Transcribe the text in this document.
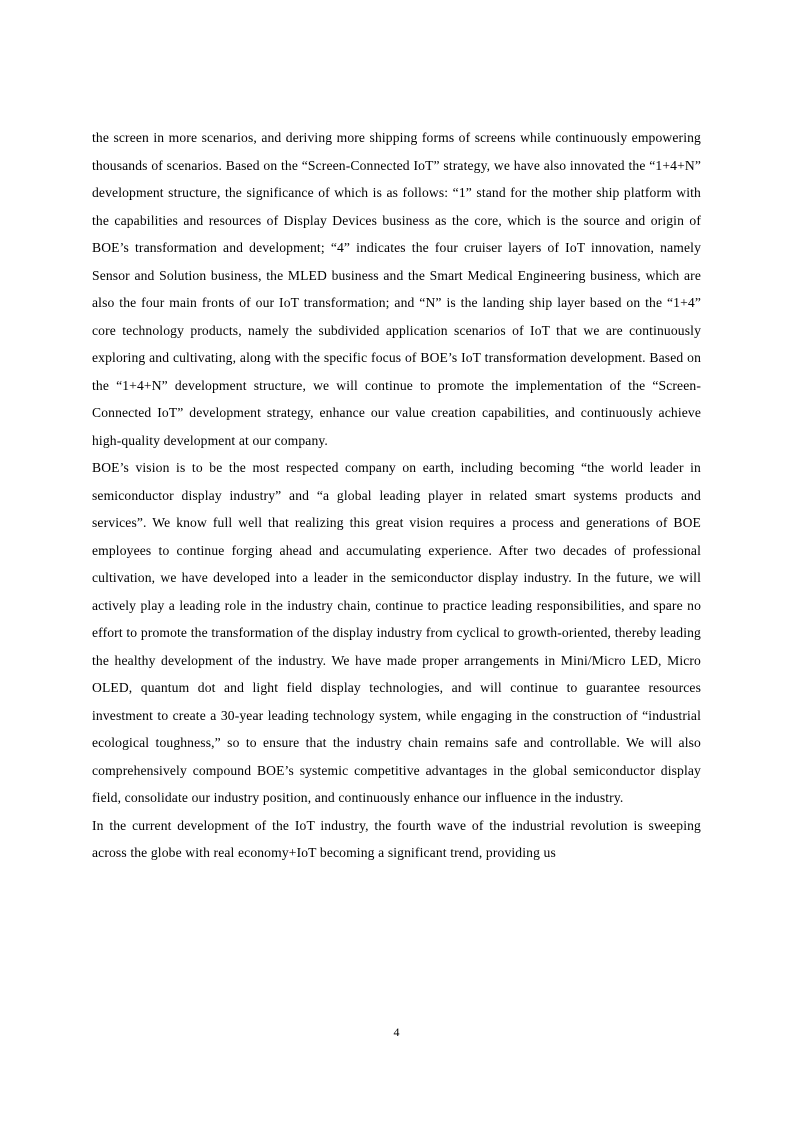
the screen in more scenarios, and deriving more shipping forms of screens while continuously empowering thousands of scenarios. Based on the “Screen-Connected IoT” strategy, we have also innovated the “1+4+N” development structure, the significance of which is as follows: “1” stand for the mother ship platform with the capabilities and resources of Display Devices business as the core, which is the source and origin of BOE’s transformation and development; “4” indicates the four cruiser layers of IoT innovation, namely Sensor and Solution business, the MLED business and the Smart Medical Engineering business, which are also the four main fronts of our IoT transformation; and “N” is the landing ship layer based on the “1+4” core technology products, namely the subdivided application scenarios of IoT that we are continuously exploring and cultivating, along with the specific focus of BOE’s IoT transformation development. Based on the “1+4+N” development structure, we will continue to promote the implementation of the “Screen-Connected IoT” development strategy, enhance our value creation capabilities, and continuously achieve high-quality development at our company.

BOE’s vision is to be the most respected company on earth, including becoming “the world leader in semiconductor display industry” and “a global leading player in related smart systems products and services”. We know full well that realizing this great vision requires a process and generations of BOE employees to continue forging ahead and accumulating experience. After two decades of professional cultivation, we have developed into a leader in the semiconductor display industry. In the future, we will actively play a leading role in the industry chain, continue to practice leading responsibilities, and spare no effort to promote the transformation of the display industry from cyclical to growth-oriented, thereby leading the healthy development of the industry. We have made proper arrangements in Mini/Micro LED, Micro OLED, quantum dot and light field display technologies, and will continue to guarantee resources investment to create a 30-year leading technology system, while engaging in the construction of “industrial ecological toughness,” so to ensure that the industry chain remains safe and controllable. We will also comprehensively compound BOE’s systemic competitive advantages in the global semiconductor display field, consolidate our industry position, and continuously enhance our influence in the industry.

In the current development of the IoT industry, the fourth wave of the industrial revolution is sweeping across the globe with real economy+IoT becoming a significant trend, providing us

4
